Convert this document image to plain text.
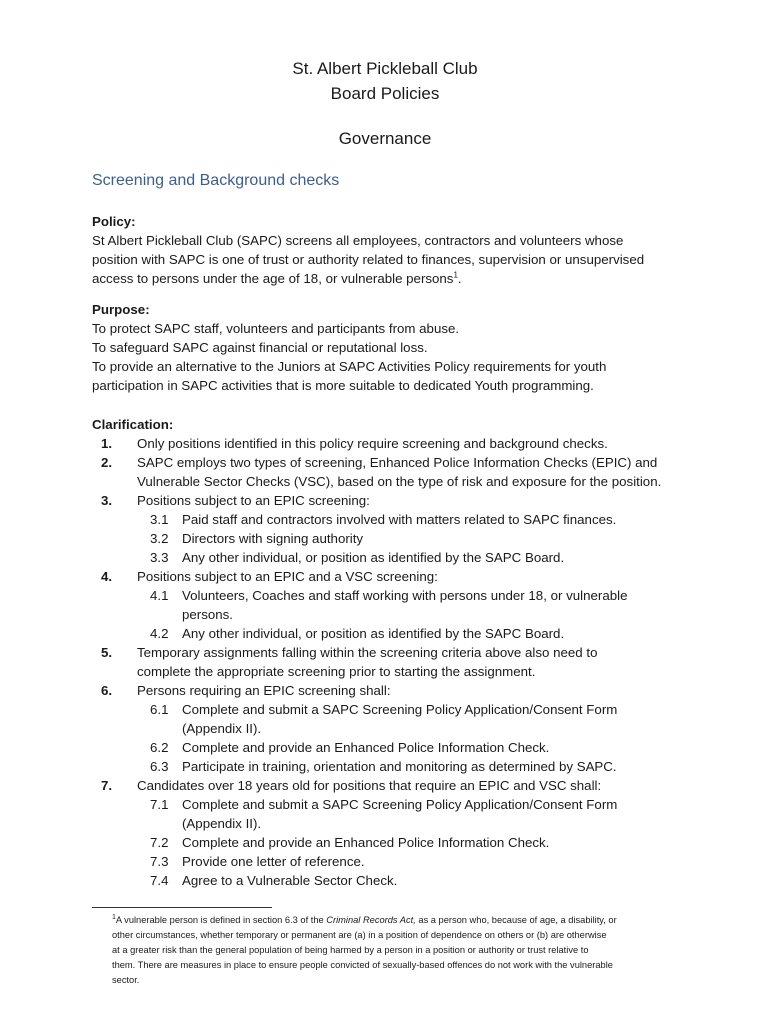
St. Albert Pickleball Club
Board Policies
Governance
Screening and Background checks
Policy:
St Albert Pickleball Club (SAPC) screens all employees, contractors and volunteers whose
position with SAPC is one of trust or authority related to finances, supervision or unsupervised
access to persons under the age of 18, or vulnerable persons$^1$.
Purpose:
To protect SAPC staff, volunteers and participants from abuse.
To safeguard SAPC against financial or reputational loss.
To provide an alternative to the Juniors at SAPC Activities Policy requirements for youth
participation in SAPC activities that is more suitable to dedicated Youth programming.
Clarification:
1. Only positions identified in this policy require screening and background checks.
2. SAPC employs two types of screening, Enhanced Police Information Checks (EPIC) and
Vulnerable Sector Checks (VSC), based on the type of risk and exposure for the position.
3. Positions subject to an EPIC screening:
3.1 Paid staff and contractors involved with matters related to SAPC finances.
3.2 Directors with signing authority
3.3 Any other individual, or position as identified by the SAPC Board.
4. Positions subject to an EPIC and a VSC screening:
4.1 Volunteers, Coaches and staff working with persons under 18, or vulnerable
persons.
4.2 Any other individual, or position as identified by the SAPC Board.
5. Temporary assignments falling within the screening criteria above also need to
complete the appropriate screening prior to starting the assignment.
6. Persons requiring an EPIC screening shall:
6.1 Complete and submit a SAPC Screening Policy Application/Consent Form
(Appendix II).
6.2 Complete and provide an Enhanced Police Information Check.
6.3 Participate in training, orientation and monitoring as determined by SAPC.
7. Candidates over 18 years old for positions that require an EPIC and VSC shall:
7.1 Complete and submit a SAPC Screening Policy Application/Consent Form
(Appendix II).
7.2 Complete and provide an Enhanced Police Information Check.
7.3 Provide one letter of reference.
7.4 Agree to a Vulnerable Sector Check.
$^1$A vulnerable person is defined in section 6.3 of the Criminal Records Act, as a person who, because of age, a disability, or
other circumstances, whether temporary or permanent are (a) in a position of dependence on others or (b) are otherwise
at a greater risk than the general population of being harmed by a person in a position or authority or trust relative to
them. There are measures in place to ensure people convicted of sexually-based offences do not work with the vulnerable
sector.
